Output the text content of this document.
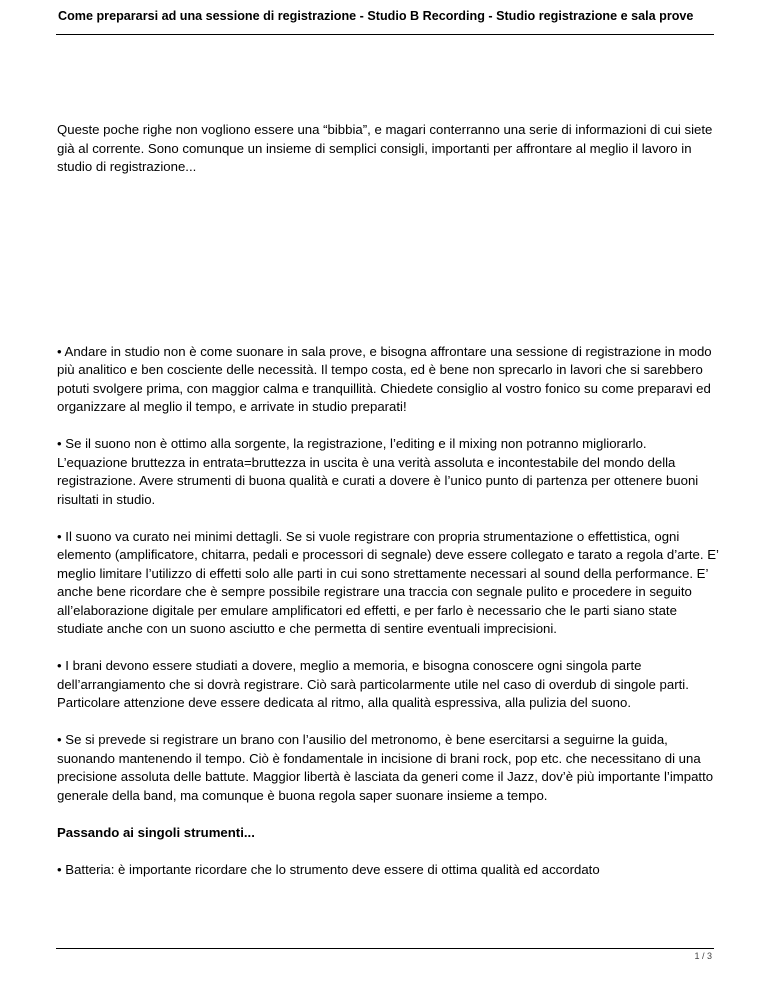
Come prepararsi ad una sessione di registrazione - Studio B Recording - Studio registrazione e sala prove

Queste poche righe non vogliono essere una “bibbia”, e magari conterranno una serie di informazioni di cui siete già al corrente. Sono comunque un insieme di semplici consigli, importanti per affrontare al meglio il lavoro in studio di registrazione...

• Andare in studio non è come suonare in sala prove, e bisogna affrontare una sessione di registrazione in modo più analitico e ben cosciente delle necessità. Il tempo costa, ed è bene non sprecarlo in lavori che si sarebbero potuti svolgere prima, con maggior calma e tranquillità. Chiedete consiglio al vostro fonico su come preparavi ed organizzare al meglio il tempo, e arrivate in studio preparati!

• Se il suono non è ottimo alla sorgente, la registrazione, l’editing e il mixing non potranno migliorarlo. L’equazione bruttezza in entrata=bruttezza in uscita è una verità assoluta e incontestabile del mondo della registrazione. Avere strumenti di buona qualità e curati a dovere è l’unico punto di partenza per ottenere buoni risultati in studio.

• Il suono va curato nei minimi dettagli. Se si vuole registrare con propria strumentazione o effettistica, ogni elemento (amplificatore, chitarra, pedali e processori di segnale) deve essere collegato e tarato a regola d’arte. E’ meglio limitare l’utilizzo di effetti solo alle parti in cui sono strettamente necessari al sound della performance. E’ anche bene ricordare che è sempre possibile registrare una traccia con segnale pulito e procedere in seguito all’elaborazione digitale per emulare amplificatori ed effetti, e per farlo è necessario che le parti siano state studiate anche con un suono asciutto e che permetta di sentire eventuali imprecisioni.

• I brani devono essere studiati a dovere, meglio a memoria, e bisogna conoscere ogni singola parte dell’arrangiamento che si dovrà registrare. Ciò sarà particolarmente utile nel caso di overdub di singole parti. Particolare attenzione deve essere dedicata al ritmo, alla qualità espressiva, alla pulizia del suono.

• Se si prevede si registrare un brano con l’ausilio del metronomo, è bene esercitarsi a seguirne la guida, suonando mantenendo il tempo. Ciò è fondamentale in incisione di brani rock, pop etc. che necessitano di una precisione assoluta delle battute. Maggior libertà è lasciata da generi come il Jazz, dov’è più importante l’impatto generale della band, ma comunque è buona regola saper suonare insieme a tempo.

Passando ai singoli strumenti...

• Batteria: è importante ricordare che lo strumento deve essere di ottima qualità ed accordato

1 / 3
